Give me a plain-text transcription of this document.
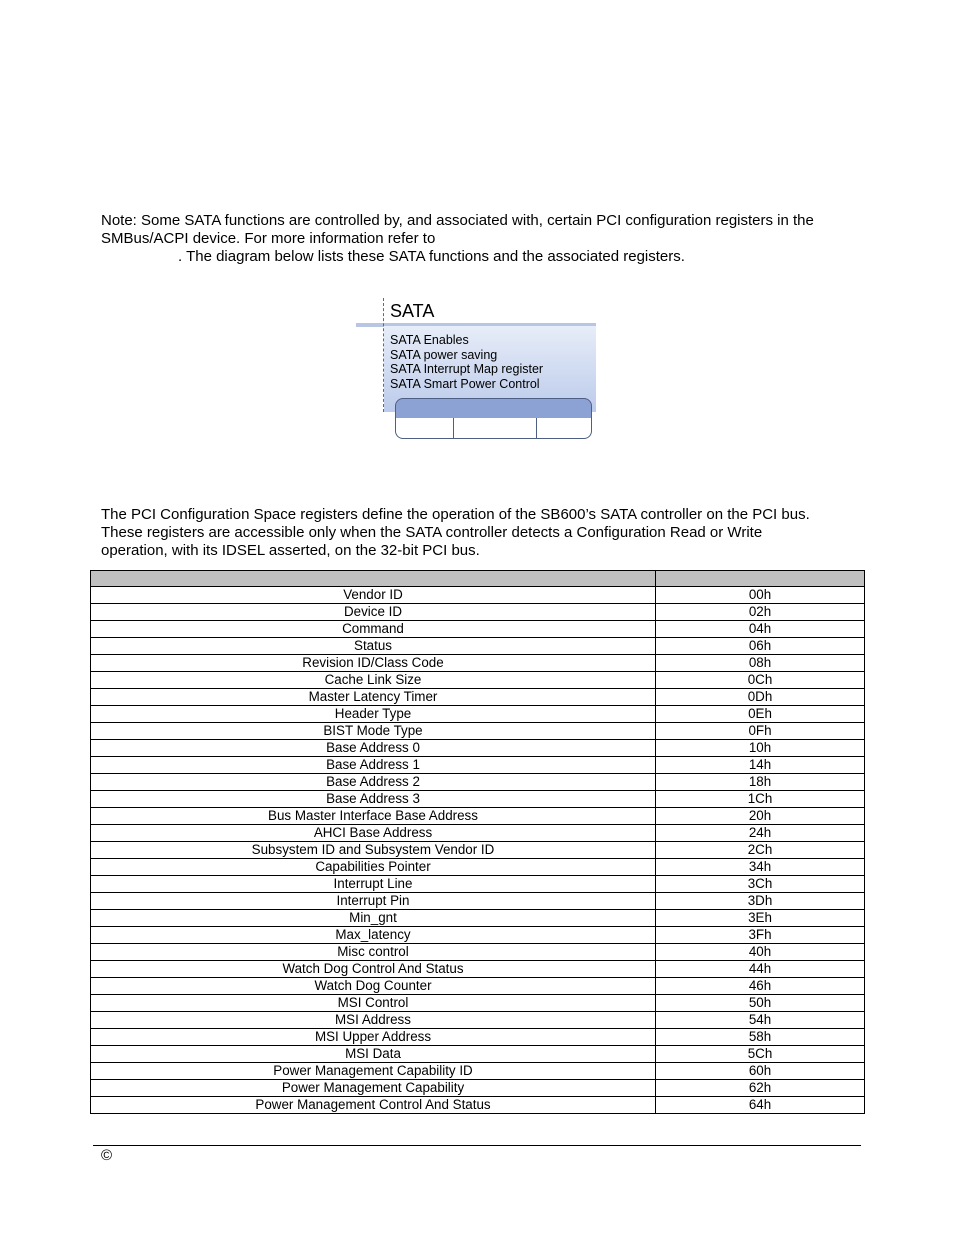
Note: Some SATA functions are controlled by, and associated with, certain PCI configuration registers in the
SMBus/ACPI device. For more information refer to
. The diagram below lists these SATA functions and the associated registers.
SATA
SATA Enables
SATA power saving
SATA Interrupt Map register
SATA Smart Power Control
The PCI Configuration Space registers define the operation of the SB600’s SATA controller on the PCI bus.
These registers are accessible only when the SATA controller detects a Configuration Read or Write
operation, with its IDSEL asserted, on the 32-bit PCI bus.

Vendor ID	00h
Device ID	02h
Command	04h
Status	06h
Revision ID/Class Code	08h
Cache Link Size	0Ch
Master Latency Timer	0Dh
Header Type	0Eh
BIST Mode Type	0Fh
Base Address 0	10h
Base Address 1	14h
Base Address 2	18h
Base Address 3	1Ch
Bus Master Interface Base Address	20h
AHCI Base Address	24h
Subsystem ID and Subsystem Vendor ID	2Ch
Capabilities Pointer	34h
Interrupt Line	3Ch
Interrupt Pin	3Dh
Min_gnt	3Eh
Max_latency	3Fh
Misc control	40h
Watch Dog Control And Status	44h
Watch Dog Counter	46h
MSI Control	50h
MSI Address	54h
MSI Upper Address	58h
MSI Data	5Ch
Power Management Capability ID	60h
Power Management Capability	62h
Power Management Control And Status	64h
©
